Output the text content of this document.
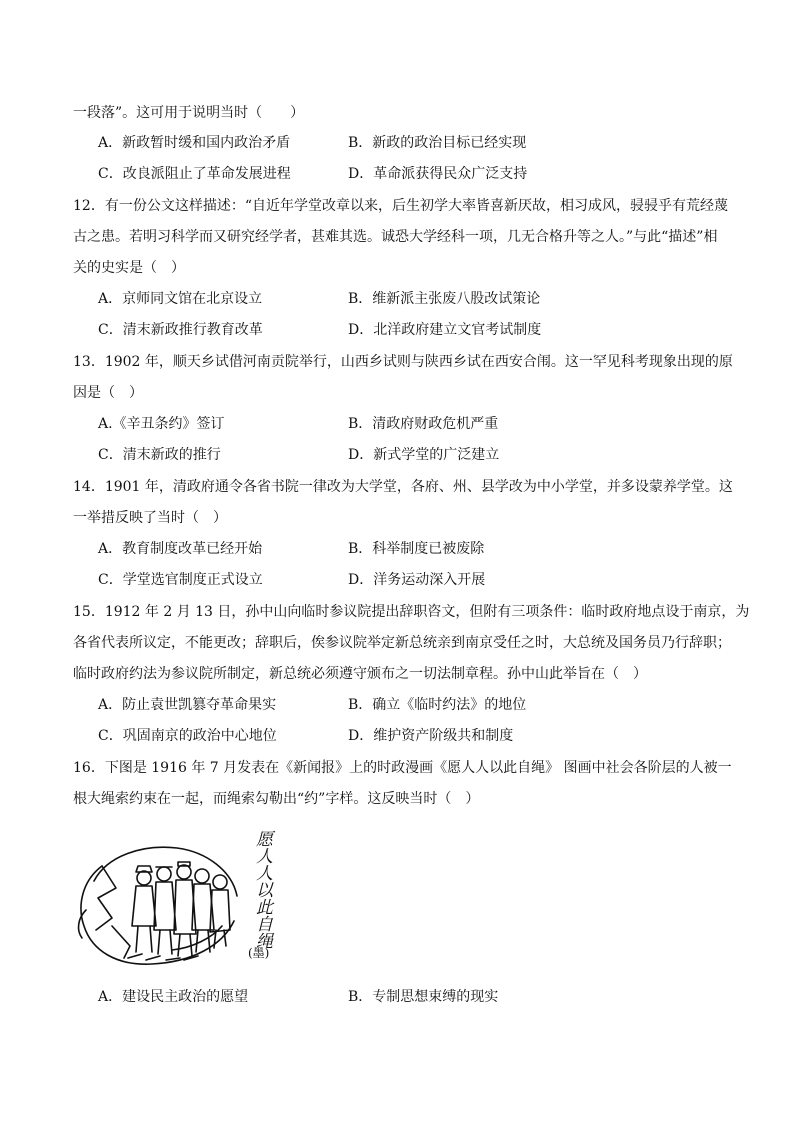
一段落”。这可用于说明当时（　　）
A．新政暂时缓和国内政治矛盾	B．新政的政治目标已经实现
C．改良派阻止了革命发展进程	D．革命派获得民众广泛支持
12．有一份公文这样描述：“自近年学堂改章以来，后生初学大率皆喜新厌故，相习成风，骎骎乎有荒经蔑
古之患。若明习科学而又研究经学者，甚难其选。诚恐大学经科一项，几无合格升等之人。”与此“描述”相
关的史实是（　）
A．京师同文馆在北京设立	B．维新派主张废八股改试策论
C．清末新政推行教育改革	D．北洋政府建立文官考试制度
13．1902 年，顺天乡试借河南贡院举行，山西乡试则与陕西乡试在西安合闱。这一罕见科考现象出现的原
因是（　）
A.《辛丑条约》签订	B．清政府财政危机严重
C．清末新政的推行	D．新式学堂的广泛建立
14．1901 年，清政府通令各省书院一律改为大学堂，各府、州、县学改为中小学堂，并多设蒙养学堂。这
一举措反映了当时（　）
A．教育制度改革已经开始	B．科举制度已被废除
C．学堂选官制度正式设立	D．洋务运动深入开展
15．1912 年 2 月 13 日，孙中山向临时参议院提出辞职咨文，但附有三项条件：临时政府地点设于南京，为
各省代表所议定，不能更改；辞职后，俟参议院举定新总统亲到南京受任之时，大总统及国务员乃行辞职；
临时政府约法为参议院所制定，新总统必须遵守颁布之一切法制章程。孙中山此举旨在（　）
A．防止袁世凯篡夺革命果实	B．确立《临时约法》的地位
C．巩固南京的政治中心地位	D．维护资产阶级共和制度
16．下图是 1916 年 7 月发表在《新闻报》上的时政漫画《愿人人以此自绳》 图画中社会各阶层的人被一
根大绳索约束在一起，而绳索勾勒出“约”字样。这反映当时（　）
愿人人以此自绳
(墨)
A．建设民主政治的愿望	B．专制思想束缚的现实
